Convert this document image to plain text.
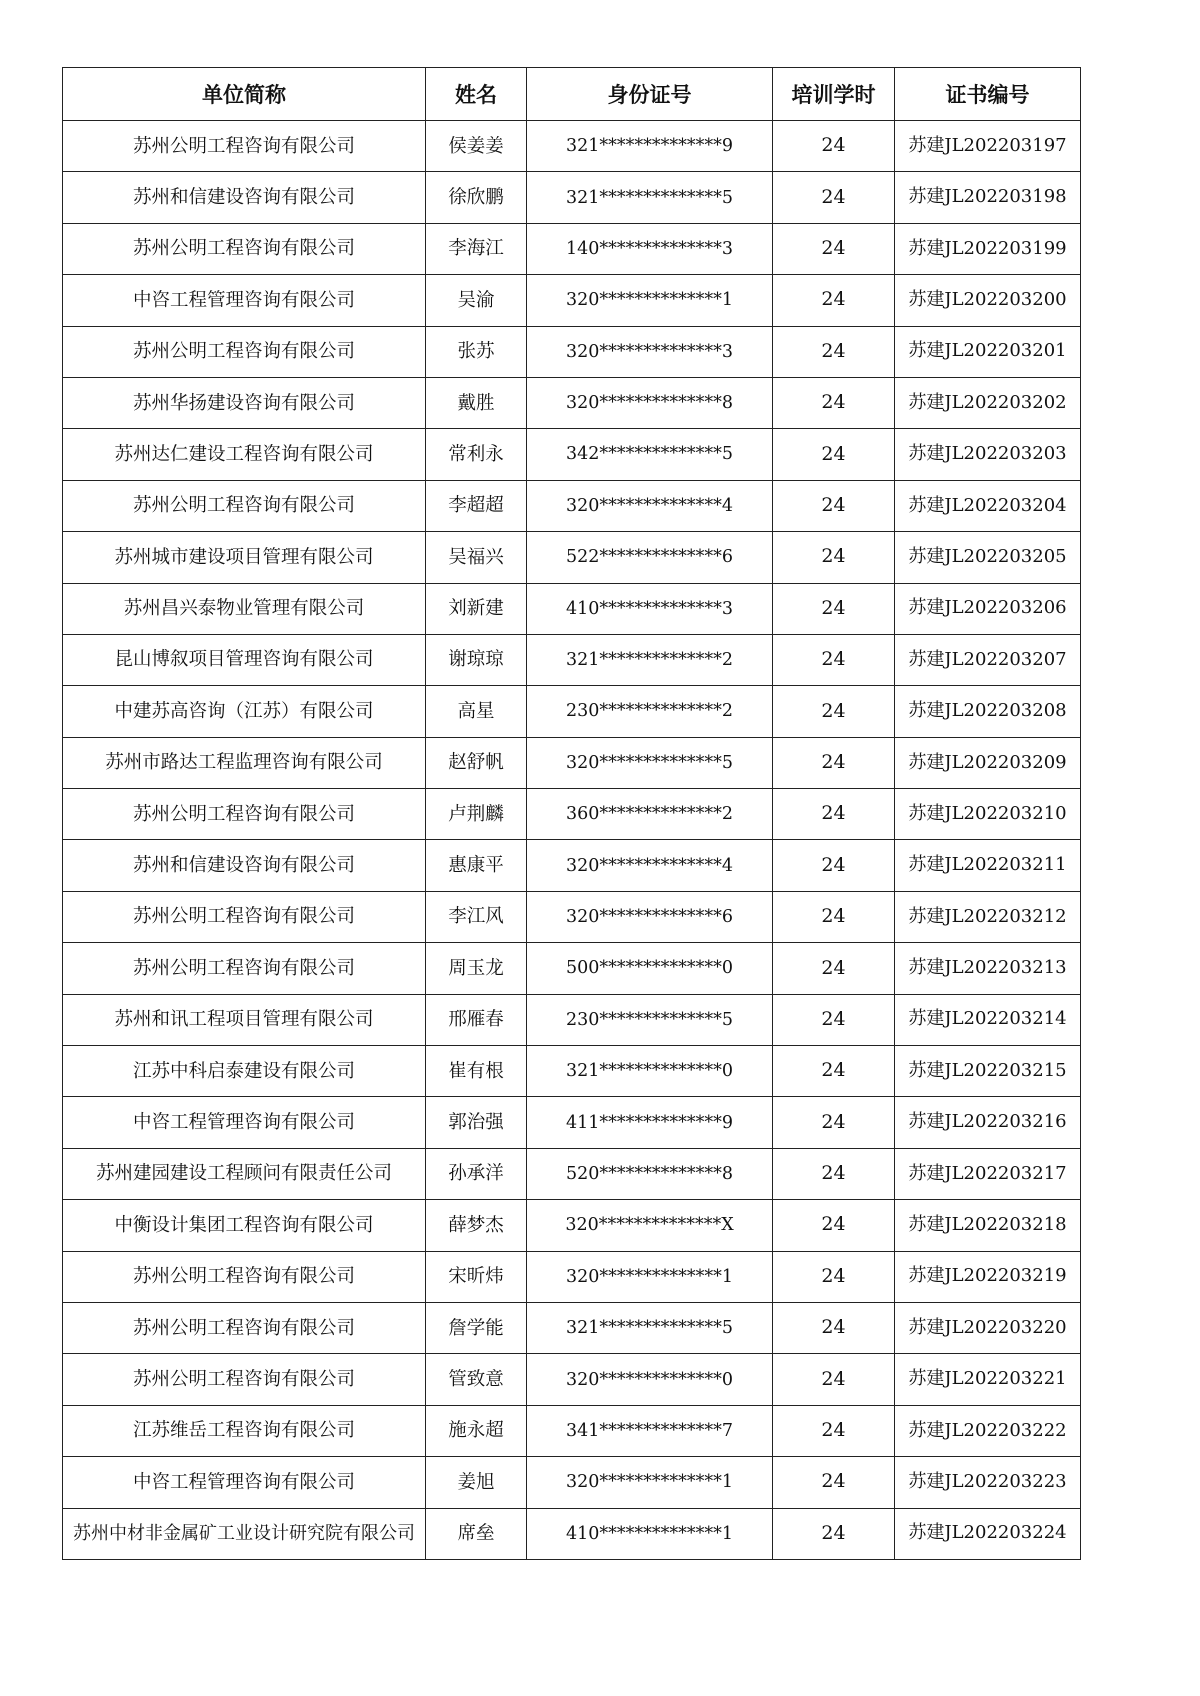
单位简称	姓名	身份证号	培训学时	证书编号
苏州公明工程咨询有限公司	侯姜姜	321**************9	24	苏建JL202203197
苏州和信建设咨询有限公司	徐欣鹏	321**************5	24	苏建JL202203198
苏州公明工程咨询有限公司	李海江	140**************3	24	苏建JL202203199
中咨工程管理咨询有限公司	吴渝	320**************1	24	苏建JL202203200
苏州公明工程咨询有限公司	张苏	320**************3	24	苏建JL202203201
苏州华扬建设咨询有限公司	戴胜	320**************8	24	苏建JL202203202
苏州达仁建设工程咨询有限公司	常利永	342**************5	24	苏建JL202203203
苏州公明工程咨询有限公司	李超超	320**************4	24	苏建JL202203204
苏州城市建设项目管理有限公司	吴福兴	522**************6	24	苏建JL202203205
苏州昌兴泰物业管理有限公司	刘新建	410**************3	24	苏建JL202203206
昆山博叙项目管理咨询有限公司	谢琼琼	321**************2	24	苏建JL202203207
中建苏高咨询（江苏）有限公司	高星	230**************2	24	苏建JL202203208
苏州市路达工程监理咨询有限公司	赵舒帆	320**************5	24	苏建JL202203209
苏州公明工程咨询有限公司	卢荆麟	360**************2	24	苏建JL202203210
苏州和信建设咨询有限公司	惠康平	320**************4	24	苏建JL202203211
苏州公明工程咨询有限公司	李江风	320**************6	24	苏建JL202203212
苏州公明工程咨询有限公司	周玉龙	500**************0	24	苏建JL202203213
苏州和讯工程项目管理有限公司	邢雁春	230**************5	24	苏建JL202203214
江苏中科启泰建设有限公司	崔有根	321**************0	24	苏建JL202203215
中咨工程管理咨询有限公司	郭治强	411**************9	24	苏建JL202203216
苏州建园建设工程顾问有限责任公司	孙承洋	520**************8	24	苏建JL202203217
中衡设计集团工程咨询有限公司	薛梦杰	320**************X	24	苏建JL202203218
苏州公明工程咨询有限公司	宋昕炜	320**************1	24	苏建JL202203219
苏州公明工程咨询有限公司	詹学能	321**************5	24	苏建JL202203220
苏州公明工程咨询有限公司	管致意	320**************0	24	苏建JL202203221
江苏维岳工程咨询有限公司	施永超	341**************7	24	苏建JL202203222
中咨工程管理咨询有限公司	姜旭	320**************1	24	苏建JL202203223
苏州中材非金属矿工业设计研究院有限公司	席垒	410**************1	24	苏建JL202203224
